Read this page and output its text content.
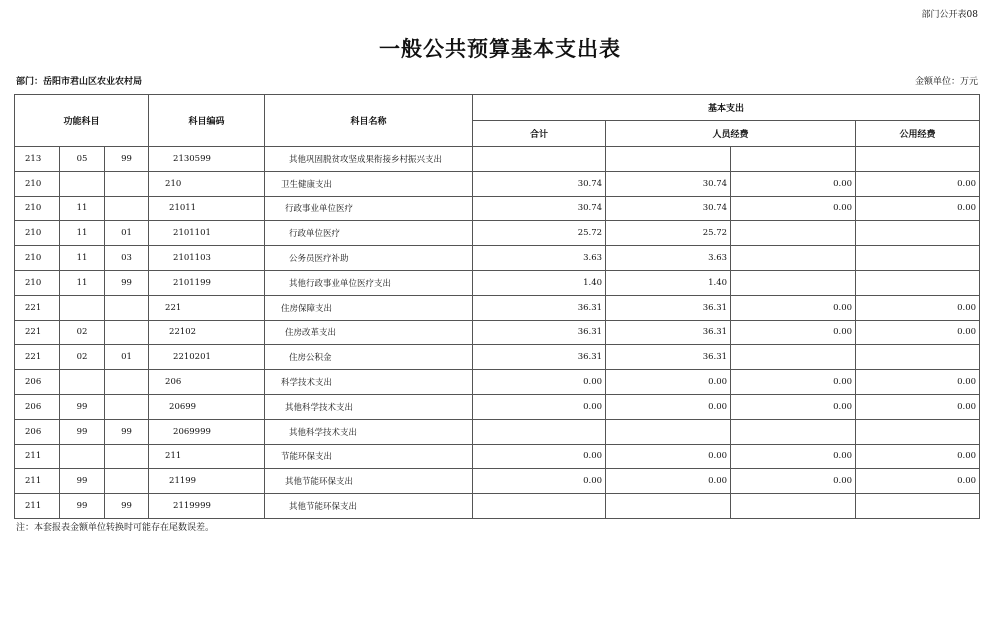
部门公开表08
一般公共预算基本支出表
部门：岳阳市君山区农业农村局	金额单位：万元
功能科目			科目编码	科目名称	基本支出			
					合计	人员经费		公用经费
213	05	99	2130599	其他巩固脱贫攻坚成果衔接乡村振兴支出				
210			210	卫生健康支出	30.74	30.74	0.00	0.00
210	11		21011	行政事业单位医疗	30.74	30.74	0.00	0.00
210	11	01	2101101	行政单位医疗	25.72	25.72		
210	11	03	2101103	公务员医疗补助	3.63	3.63		
210	11	99	2101199	其他行政事业单位医疗支出	1.40	1.40		
221			221	住房保障支出	36.31	36.31	0.00	0.00
221	02		22102	住房改革支出	36.31	36.31	0.00	0.00
221	02	01	2210201	住房公积金	36.31	36.31		
206			206	科学技术支出	0.00	0.00	0.00	0.00
206	99		20699	其他科学技术支出	0.00	0.00	0.00	0.00
206	99	99	2069999	其他科学技术支出				
211			211	节能环保支出	0.00	0.00	0.00	0.00
211	99		21199	其他节能环保支出	0.00	0.00	0.00	0.00
211	99	99	2119999	其他节能环保支出				
注：本套报表金额单位转换时可能存在尾数误差。
